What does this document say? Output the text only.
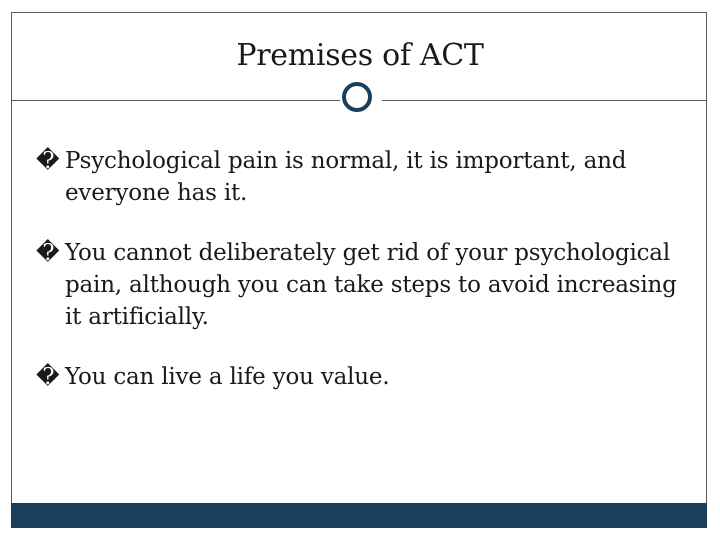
Premises of ACT
� Psychological pain is normal, it is important, and everyone has it.
� You cannot deliberately get rid of your psychological pain, although you can take steps to avoid increasing it artificially.
� You can live a life you value.
